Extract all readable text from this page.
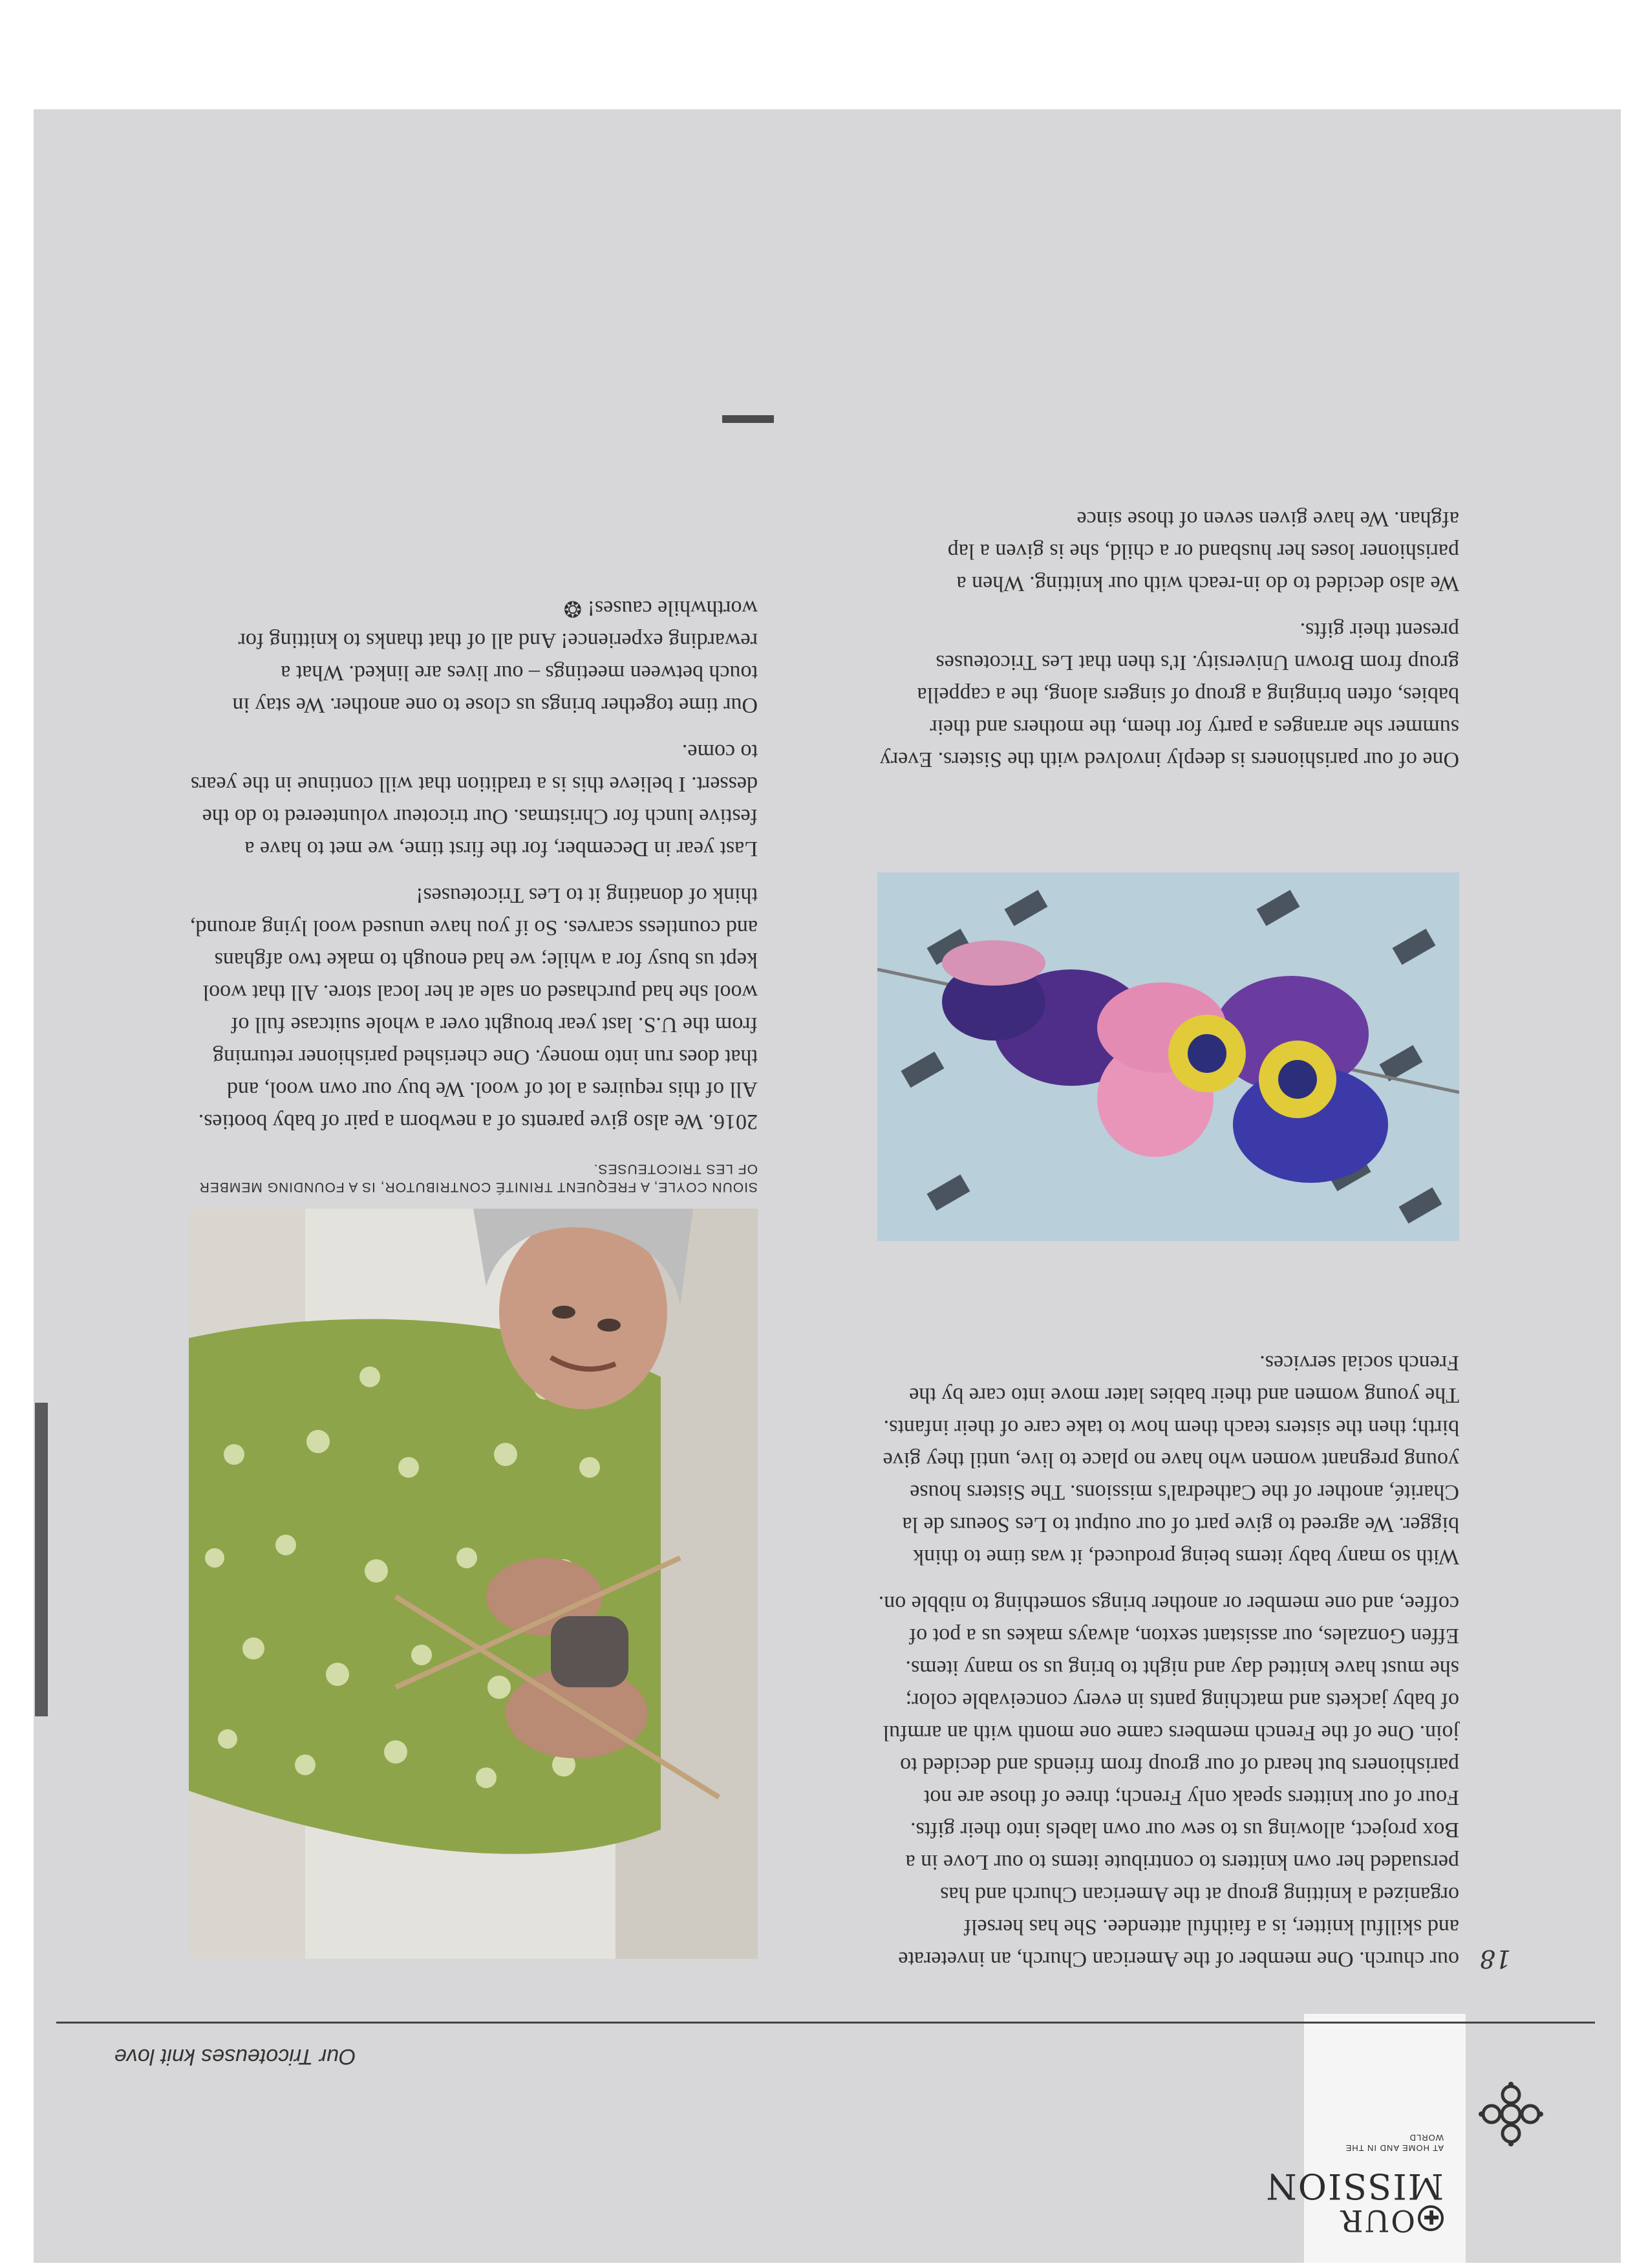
✚OUR
MISSION
AT HOME AND IN THE WORLD
Our Tricoteuses knit love
18
SIOUN COYLE, A FREQUENT TRINITÉ CONTRIBUTOR, IS A FOUNDING MEMBER OF LES TRICOTEUSES.

our church. One member of the American Church, an inveterate and skillful knitter, is a faithful attendee. She has herself organized a knitting group at the American Church and has persuaded her own knitters to contribute items to our Love in a Box project, allowing us to sew our own labels into their gifts. Four of our knitters speak only French; three of those are not parishioners but heard of our group from friends and decided to join. One of the French members came one month with an armful of baby jackets and matching pants in every conceivable color; she must have knitted day and night to bring us so many items. Effen Gonzales, our assistant sexton, always makes us a pot of coffee, and one member or another brings something to nibble on.

With so many baby items being produced, it was time to think bigger. We agreed to give part of our output to Les Soeurs de la Charité, another of the Cathedral's missions. The Sisters house young pregnant women who have no place to live, until they give birth; then the sisters teach them how to take care of their infants. The young women and their babies later move into care by the French social services.

One of our parishioners is deeply involved with the Sisters. Every summer she arranges a party for them, the mothers and their babies, often bringing a group of singers along, the a cappella group from Brown University. It's then that Les Tricoteuses present their gifts.

We also decided to do in-reach with our knitting. When a parishioner loses her husband or a child, she is given a lap afghan. We have given seven of those since

2016. We also give parents of a newborn a pair of baby booties. All of this requires a lot of wool. We buy our own wool, and that does run into money. One cherished parishioner returning from the U.S. last year brought over a whole suitcase full of wool she had purchased on sale at her local store. All that wool kept us busy for a while; we had enough to make two afghans and countless scarves. So if you have unused wool lying around, think of donating it to Les Tricoteuses!

Last year in December, for the first time, we met to have a festive lunch for Christmas. Our tricoteur volunteered to do the dessert. I believe this is a tradition that will continue in the years to come.

Our time together brings us close to one another. We stay in touch between meetings – our lives are linked. What a rewarding experience! And all of that thanks to knitting for worthwhile causes! ❂
